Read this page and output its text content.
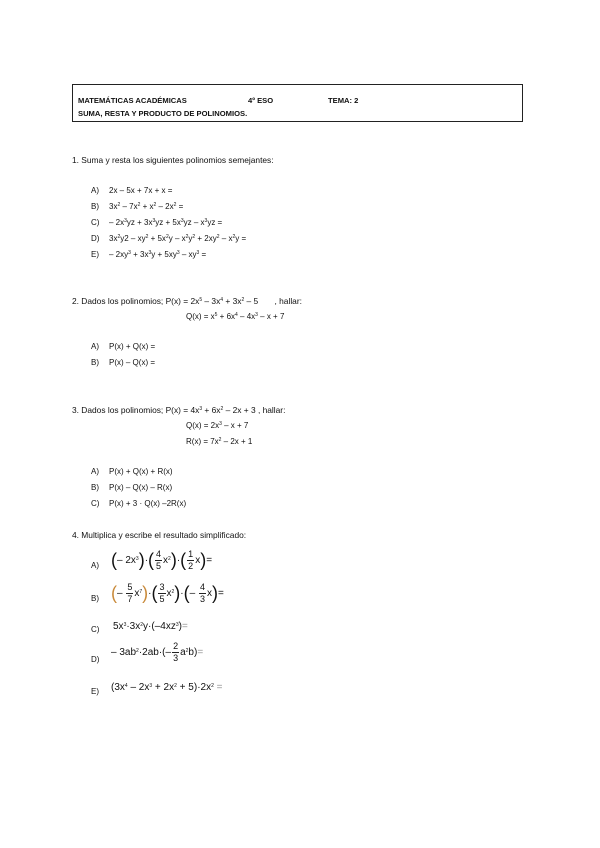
MATEMÁTICAS ACADÉMICAS	4º ESO	TEMA: 2
SUMA, RESTA Y PRODUCTO DE POLINOMIOS.
1. Suma y resta los siguientes polinomios semejantes:
A) 2x – 5x + 7x + x =
B) $3x^2 - 7x^2 + x^2 - 2x^2$ =
$C) - 2x^3yz + 3x^3yz + 5x^3yz - x^3yz$ =
D) $3x^2y2 - xy^2 + 5x^2y - x^2y^2 + 2xy^2 - x^2y$ =
$E) - 2xy^3 + 3x^3y + 5xy^3 - xy^3$ =
2. Dados los polinomios; $P(x) = 2x^5 - 3x^4 + 3x^2 - 5$       , hallar:
$Q(x) = x^5 + 6x^4 - 4x^3 - x + 7$
A) P(x) + Q(x) =
B) P(x) – Q(x) =
3. Dados los polinomios; $P(x) = 4x^3 + 6x^2 - 2x + 3$ , hallar:
$Q(x) = 2x^3 - x + 7$
$R(x) = 7x^2 - 2x + 1$
A) P(x) + Q(x) + R(x)
B) P(x) – Q(x) – R(x)
C) P(x) + 3 · Q(x) –2R(x)
4. Multiplica y escribe el resultado simplificado:
A) (– $2x^3)\cdot( \frac{4}{5} x^2)\cdot( \frac{1}{2} x)=$
B) (– $\frac{5}{7} x^7)\cdot( \frac{3}{5} x^2)\cdot(- \frac{4}{3} x)=$
C) $5x^3\cdot 3x^2y\cdot(-4xz^3)=$
D)
– $3ab^2\cdot 2ab\cdot(- \frac{2}{3} a^2b)=$
E) $(3x^4 - 2x^3 + 2x^2 + 5)\cdot 2x^2$ =
